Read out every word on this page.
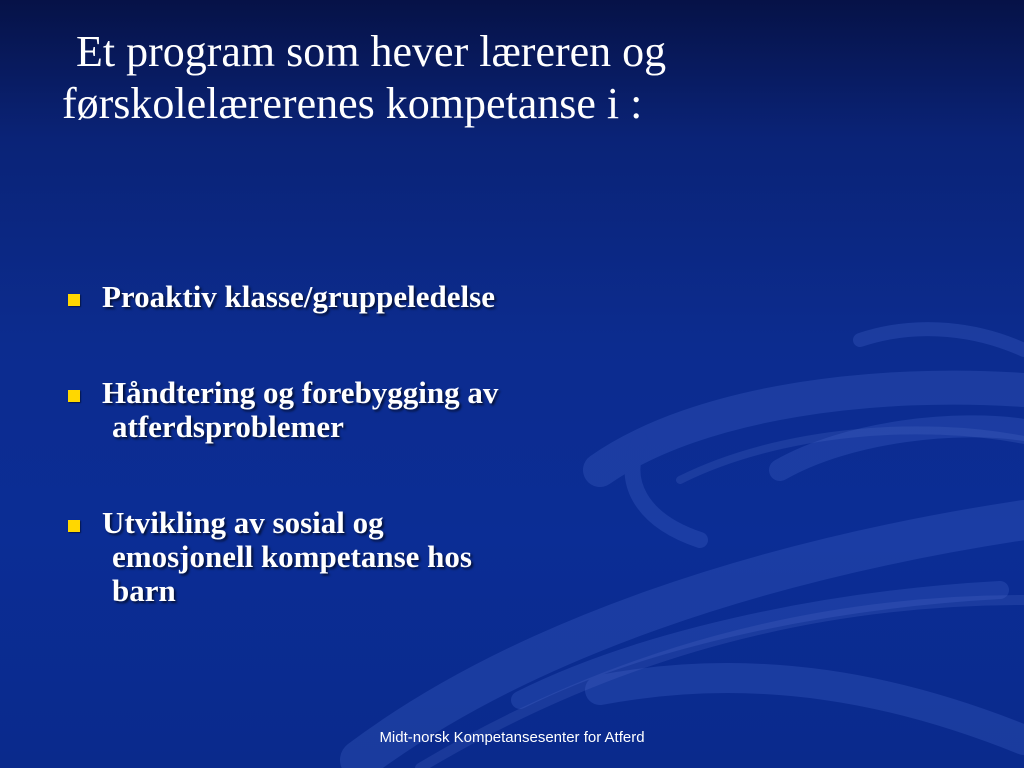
Et program som hever læreren og
førskolelærerenes kompetanse i :
Proaktiv klasse/gruppeledelse
Håndtering og forebygging av
atferdsproblemer
Utvikling av sosial og
emosjonell kompetanse hos
barn
Midt-norsk Kompetansesenter for Atferd
